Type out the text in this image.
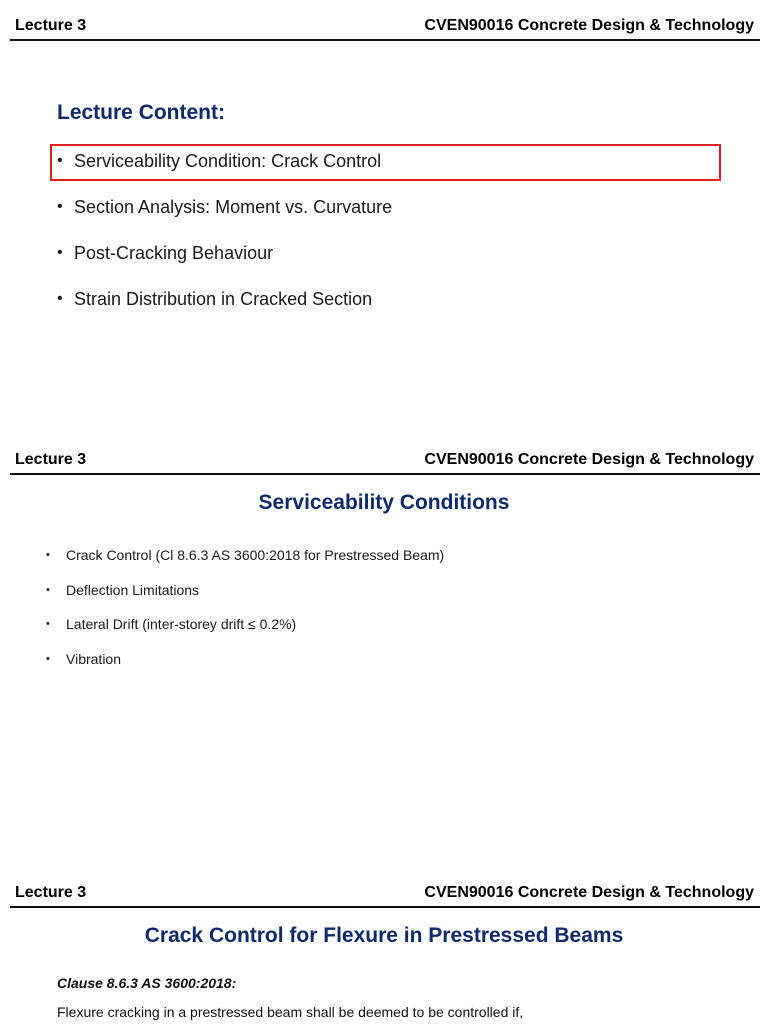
Lecture 3	CVEN90016 Concrete Design & Technology
Lecture Content:
• Serviceability Condition: Crack Control
• Section Analysis: Moment vs. Curvature
• Post-Cracking Behaviour
• Strain Distribution in Cracked Section
Lecture 3	CVEN90016 Concrete Design & Technology
Serviceability Conditions
• Crack Control (Cl 8.6.3 AS 3600:2018 for Prestressed Beam)
• Deflection Limitations
• Lateral Drift (inter-storey drift ≤ 0.2%)
• Vibration
Lecture 3	CVEN90016 Concrete Design & Technology
Crack Control for Flexure in Prestressed Beams
Clause 8.6.3 AS 3600:2018:
Flexure cracking in a prestressed beam shall be deemed to be controlled if,
